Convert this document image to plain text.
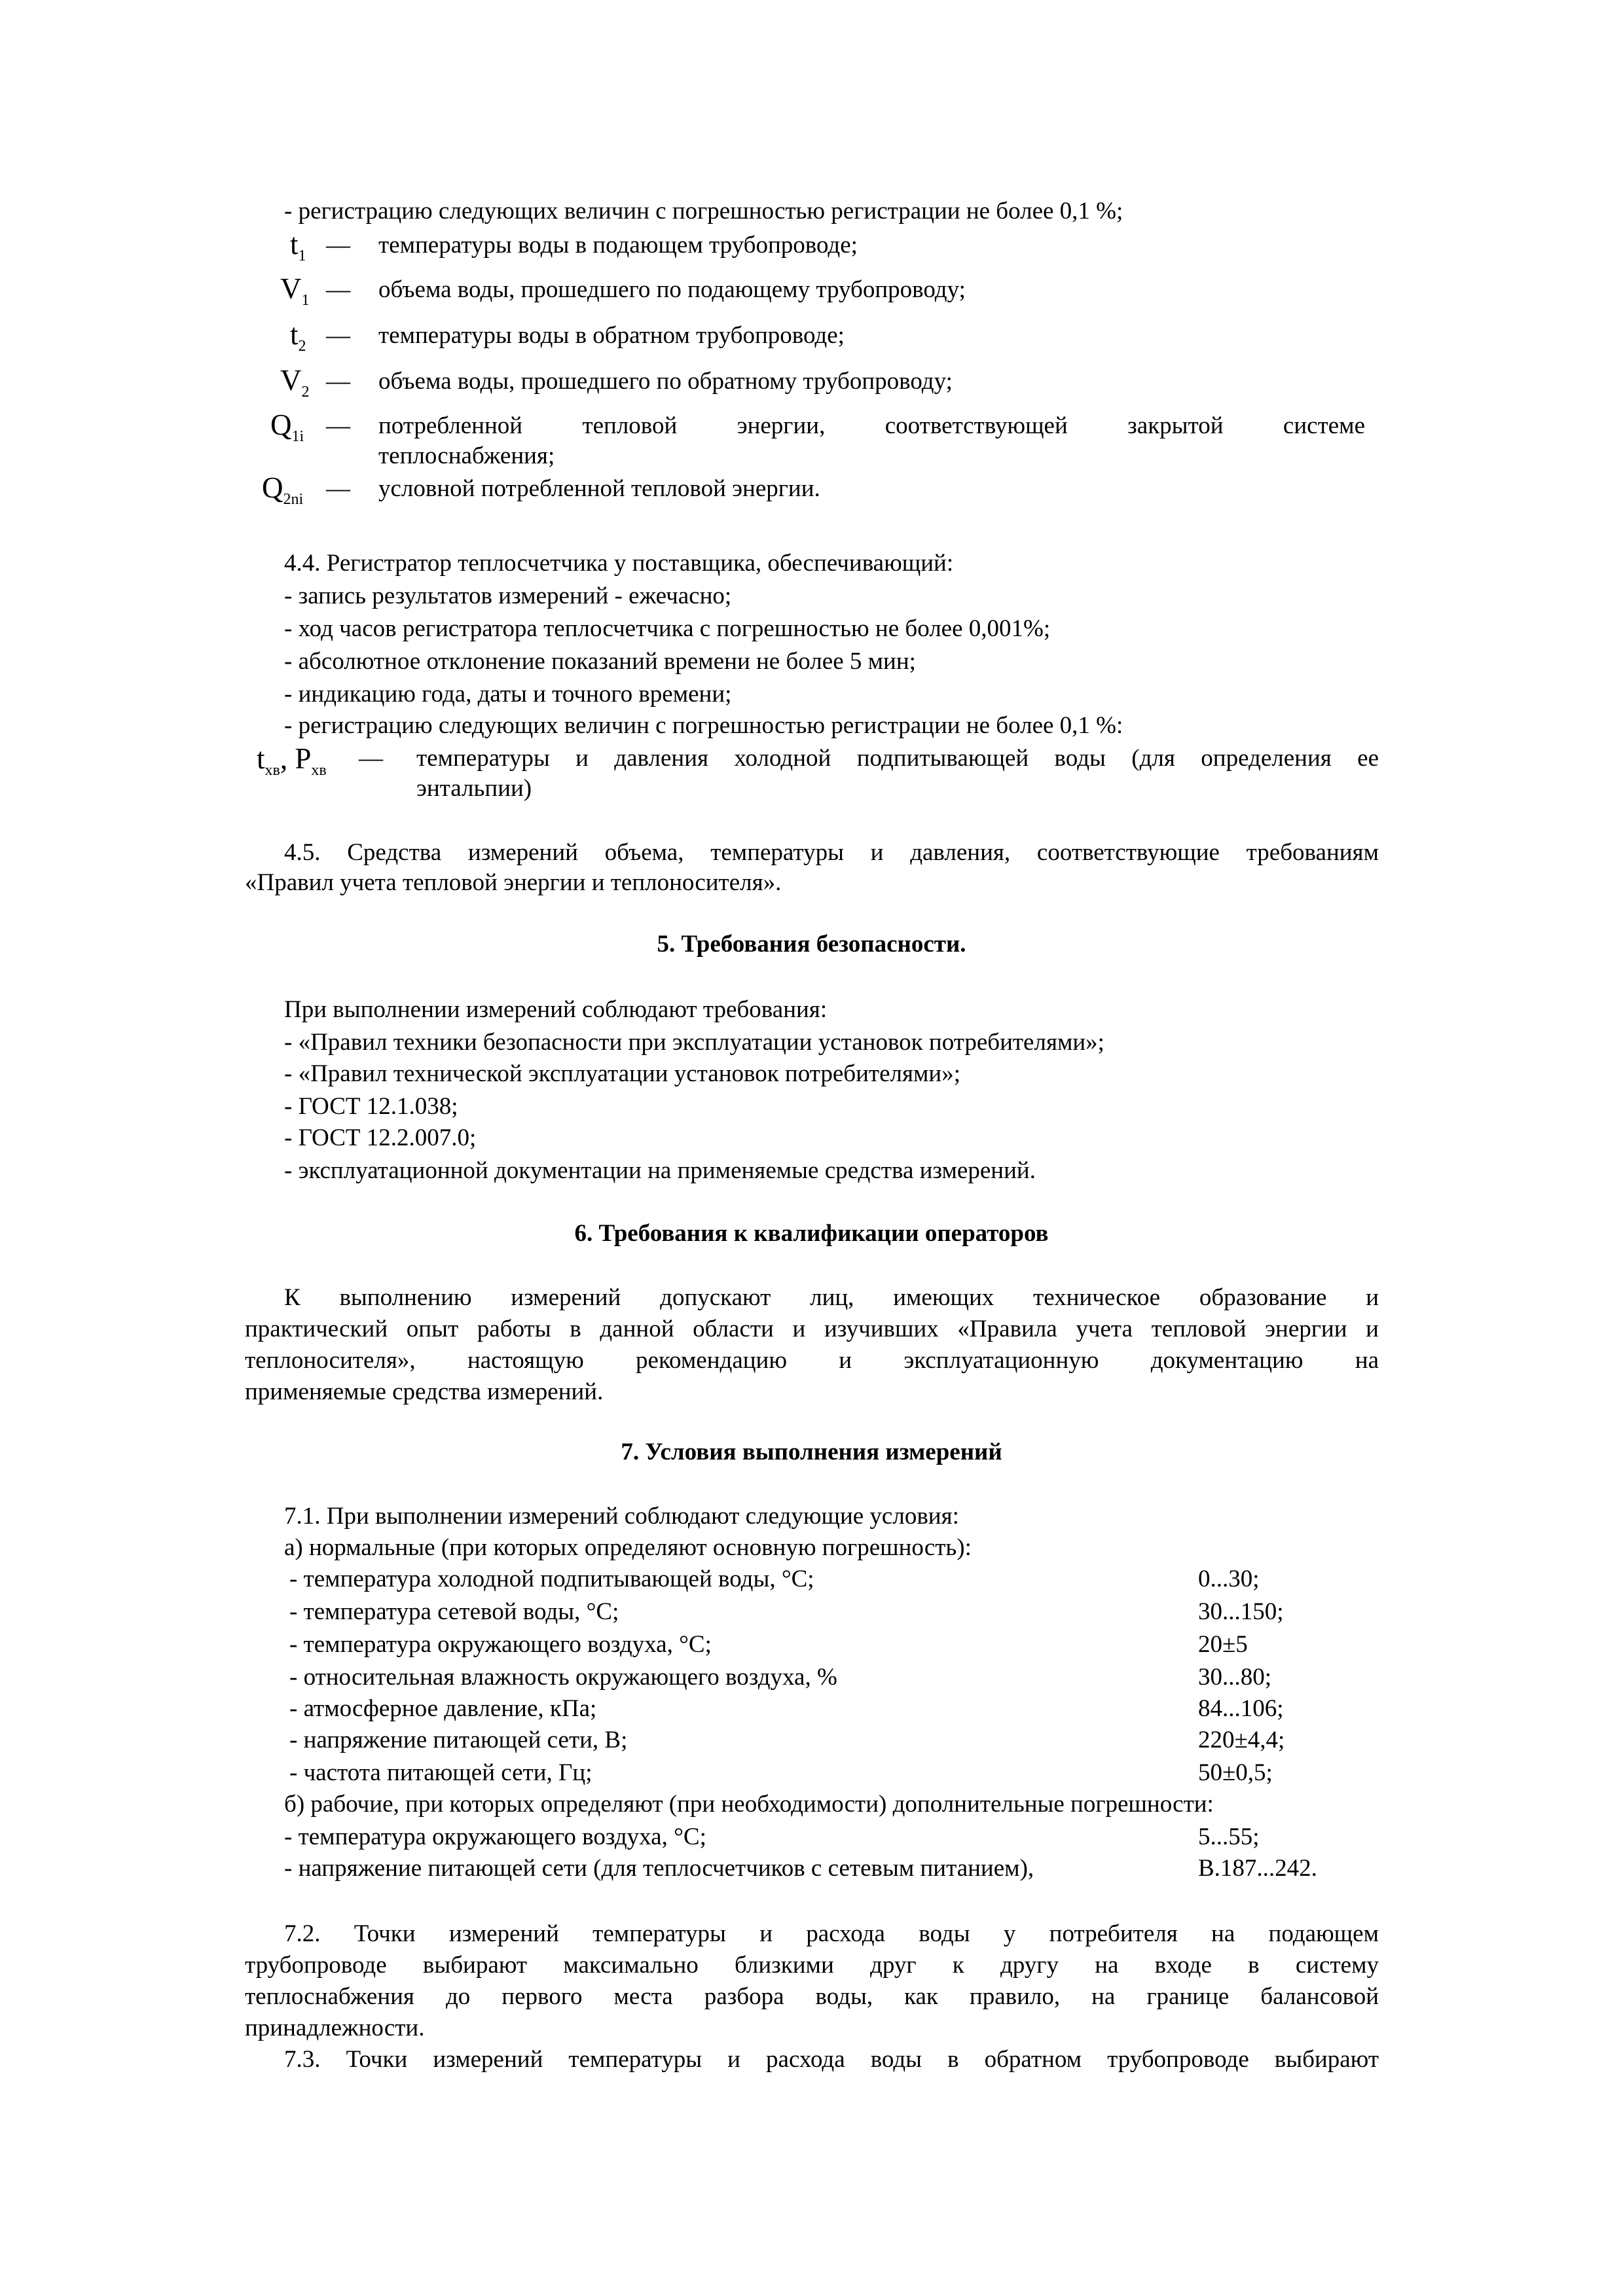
- регистрацию следующих величин с погрешностью регистрации не более 0,1 %;
$t_1$ — температуры воды в подающем трубопроводе;
$V_1$ — объема воды, прошедшего по подающему трубопроводу;
$t_2$ — температуры воды в обратном трубопроводе;
$V_2$ — объема воды, прошедшего по обратному трубопроводу;
$Q_{1i}$ — потребленной тепловой энергии, соответствующей закрытой системе
теплоснабжения;
$Q_{2ni}$ — условной потребленной тепловой энергии.
4.4. Регистратор теплосчетчика у поставщика, обеспечивающий:
- запись результатов измерений - ежечасно;
- ход часов регистратора теплосчетчика с погрешностью не более 0,001%;
- абсолютное отклонение показаний времени не более 5 мин;
- индикацию года, даты и точного времени;
- регистрацию следующих величин с погрешностью регистрации не более 0,1 %:
$t_{хв}$, $P_{хв}$ — температуры и давления холодной подпитывающей воды (для определения ее
энтальпии)
4.5. Средства измерений объема, температуры и давления, соответствующие требованиям
«Правил учета тепловой энергии и теплоносителя».
5. Требования безопасности.
При выполнении измерений соблюдают требования:
- «Правил техники безопасности при эксплуатации установок потребителями»;
- «Правил технической эксплуатации установок потребителями»;
- ГОСТ 12.1.038;
- ГОСТ 12.2.007.0;
- эксплуатационной документации на применяемые средства измерений.
6. Требования к квалификации операторов
К выполнению измерений допускают лиц, имеющих техническое образование и
практический опыт работы в данной области и изучивших «Правила учета тепловой энергии и
теплоносителя», настоящую рекомендацию и эксплуатационную документацию на
применяемые средства измерений.
7. Условия выполнения измерений
7.1. При выполнении измерений соблюдают следующие условия:
а) нормальные (при которых определяют основную погрешность):
- температура холодной подпитывающей воды, °С;	0...30;
- температура сетевой воды, °С;	30...150;
- температура окружающего воздуха, °С;	20±5
- относительная влажность окружающего воздуха, %	30...80;
- атмосферное давление, кПа;	84...106;
- напряжение питающей сети, В;	220±4,4;
- частота питающей сети, Гц;	50±0,5;
б) рабочие, при которых определяют (при необходимости) дополнительные погрешности:
- температура окружающего воздуха, °С;	5...55;
- напряжение питающей сети (для теплосчетчиков с сетевым питанием),	В.187...242.
7.2. Точки измерений температуры и расхода воды у потребителя на подающем
трубопроводе выбирают максимально близкими друг к другу на входе в систему
теплоснабжения до первого места разбора воды, как правило, на границе балансовой
принадлежности.
7.3. Точки измерений температуры и расхода воды в обратном трубопроводе выбирают
